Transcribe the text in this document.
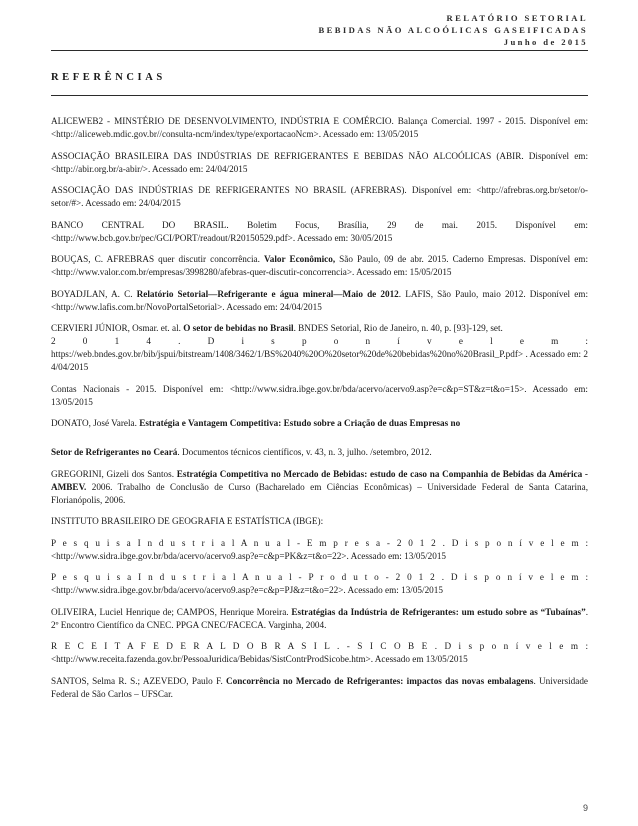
RELATÓRIO SETORIAL
BEBIDAS NÃO ALCOÓLICAS GASEIFICADAS
Junho de 2015
REFERÊNCIAS

ALICEWEB2 - MINSTÉRIO DE DESENVOLVIMENTO, INDÚSTRIA E COMÉRCIO. Balança Comercial. 1997 - 2015. Disponível em: <http://aliceweb.mdic.gov.br//consulta-ncm/index/type/exportacaoNcm>. Acessado em: 13/05/2015

ASSOCIAÇÃO BRASILEIRA DAS INDÚSTRIAS DE REFRIGERANTES E BEBIDAS NÃO ALCOÓLICAS (ABIR. Disponível em: <http://abir.org.br/a-abir/>. Acessado em: 24/04/2015

ASSOCIAÇÃO DAS INDÚSTRIAS DE REFRIGERANTES NO BRASIL (AFREBRAS). Disponível em: <http://afrebras.org.br/setor/o-setor/#>. Acessado em: 24/04/2015

BANCO CENTRAL DO BRASIL. Boletim Focus, Brasília, 29 de mai. 2015. Disponível em: <http://www.bcb.gov.br/pec/GCI/PORT/readout/R20150529.pdf>. Acessado em: 30/05/2015

BOUÇAS, C. AFREBRAS quer discutir concorrência. Valor Econômico, São Paulo, 09 de abr. 2015. Caderno Empresas. Disponível em: <http://www.valor.com.br/empresas/3998280/afebras-quer-discutir-concorrencia>. Acessado em: 15/05/2015

BOYADJLAN, A. C. Relatório Setorial—Refrigerante e água mineral—Maio de 2012. LAFIS, São Paulo, maio 2012. Disponível em: <http://www.lafis.com.br/NovoPortalSetorial>. Acessado em: 24/04/2015

CERVIERI JÚNIOR, Osmar. et. al. O setor de bebidas no Brasil. BNDES Setorial, Rio de Janeiro, n. 40, p. [93]-129, set.

2 0 1 4 . D i s p o n í v e l e m :
https://web.bndes.gov.br/bib/jspui/bitstream/1408/3462/1/BS%2040%20O%20setor%20de%20bebidas%20no%20Brasil_P.pdf> . Acessado em: 24/04/2015

Contas Nacionais - 2015. Disponível em: <http://www.sidra.ibge.gov.br/bda/acervo/acervo9.asp?e=c&p=ST&z=t&o=15>. Acessado em: 13/05/2015

DONATO, José Varela. Estratégia e Vantagem Competitiva: Estudo sobre a Criação de duas Empresas no

Setor de Refrigerantes no Ceará. Documentos técnicos científicos, v. 43, n. 3, julho. /setembro, 2012.

GREGORINI, Gizeli dos Santos. Estratégia Competitiva no Mercado de Bebidas: estudo de caso na Companhia de Bebidas da América - AMBEV. 2006. Trabalho de Conclusão de Curso (Bacharelado em Ciências Econômicas) – Universidade Federal de Santa Catarina, Florianópolis, 2006.

INSTITUTO BRASILEIRO DE GEOGRAFIA E ESTATÍSTICA (IBGE):

P e s q u i s a I n d u s t r i a l A n u a l - E m p r e s a - 2 0 1 2 . D i s p o n í v e l e m :
<http://www.sidra.ibge.gov.br/bda/acervo/acervo9.asp?e=c&p=PK&z=t&o=22>. Acessado em: 13/05/2015

P e s q u i s a I n d u s t r i a l A n u a l - P r o d u t o - 2 0 1 2 . D i s p o n í v e l e m :
<http://www.sidra.ibge.gov.br/bda/acervo/acervo9.asp?e=c&p=PJ&z=t&o=22>. Acessado em: 13/05/2015

OLIVEIRA, Luciel Henrique de; CAMPOS, Henrique Moreira. Estratégias da Indústria de Refrigerantes: um estudo sobre as “Tubaínas”. 2º Encontro Científico da CNEC. PPGA CNEC/FACECA. Varginha, 2004.

R E C E I T A F E D E R A L D O B R A S I L . - S I C O B E . D i s p o n í v e l e m :
<http://www.receita.fazenda.gov.br/PessoaJuridica/Bebidas/SistContrProdSicobe.htm>. Acessado em 13/05/2015

SANTOS, Selma R. S.; AZEVEDO, Paulo F. Concorrência no Mercado de Refrigerantes: impactos das novas embalagens. Universidade Federal de São Carlos – UFSCar.

9
